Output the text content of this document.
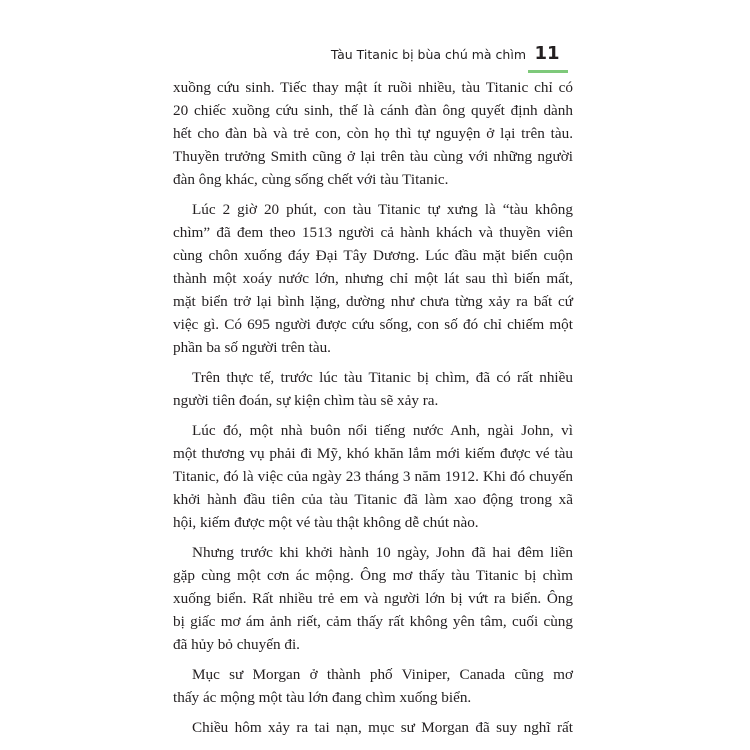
Tàu Titanic bị bùa chú mà chìm 11
xuồng cứu sinh. Tiếc thay mật ít ruồi nhiều, tàu Titanic chỉ có
20 chiếc xuồng cứu sinh, thế là cánh đàn ông quyết định dành
hết cho đàn bà và trẻ con, còn họ thì tự nguyện ở lại trên tàu.
Thuyền trưởng Smith cũng ở lại trên tàu cùng với những người
đàn ông khác, cùng sống chết với tàu Titanic.
Lúc 2 giờ 20 phút, con tàu Titanic tự xưng là “tàu không
chìm” đã đem theo 1513 người cả hành khách và thuyền viên
cùng chôn xuống đáy Đại Tây Dương. Lúc đầu mặt biển cuộn
thành một xoáy nước lớn, nhưng chỉ một lát sau thì biến mất,
mặt biển trở lại bình lặng, dường như chưa từng xảy ra bất cứ
việc gì. Có 695 người được cứu sống, con số đó chỉ chiếm một
phần ba số người trên tàu.
Trên thực tế, trước lúc tàu Titanic bị chìm, đã có rất nhiều
người tiên đoán, sự kiện chìm tàu sẽ xảy ra.
Lúc đó, một nhà buôn nổi tiếng nước Anh, ngài John, vì
một thương vụ phải đi Mỹ, khó khăn lắm mới kiếm được vé tàu
Titanic, đó là việc của ngày 23 tháng 3 năm 1912. Khi đó chuyến
khởi hành đầu tiên của tàu Titanic đã làm xao động trong xã
hội, kiếm được một vé tàu thật không dễ chút nào.
Nhưng trước khi khởi hành 10 ngày, John đã hai đêm liền
gặp cùng một cơn ác mộng. Ông mơ thấy tàu Titanic bị chìm
xuống biển. Rất nhiều trẻ em và người lớn bị vứt ra biển. Ông
bị giấc mơ ám ảnh riết, cảm thấy rất không yên tâm, cuối cùng
đã hủy bỏ chuyến đi.
Mục sư Morgan ở thành phố Viniper, Canada cũng mơ
thấy ác mộng một tàu lớn đang chìm xuống biển.
Chiều hôm xảy ra tai nạn, mục sư Morgan đã suy nghĩ rất
